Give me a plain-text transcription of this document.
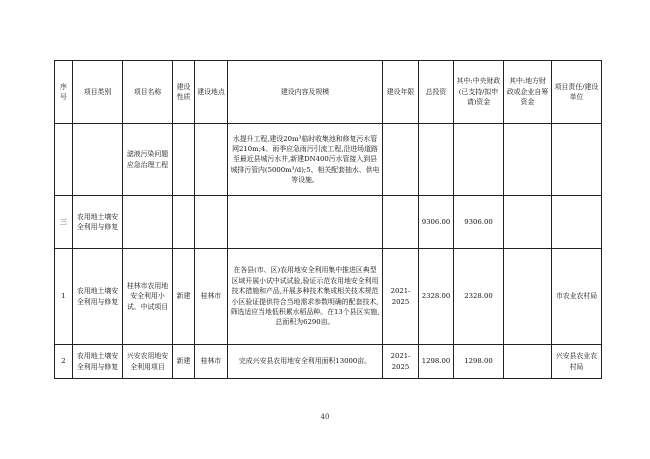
序号	项目类别	项目名称	建设性质	建设地点	建设内容及规模	建设年限	总投资	其中:中央财政(已支持/拟申请)资金	其中:地方财政或企业自筹资金	项目责任/建设单位
		滤液污染问题应急治理工程			水提升工程,建设20m³临时收集池和修复污水管网210m;4、雨季应急雨污引流工程,沿进场道路至最近县城污水井,新建DN400污水管接入到县城排污管内(5000m³/d);5、相关配套抽水、供电等设施。					
三	农用地土壤安全利用与修复						9306.00	9306.00		
1	农用地土壤安全利用与修复	桂林市农用地安全利用小试、中试项目	新建	桂林市	在各县(市、区)农用地安全利用集中推进区典型区域开展小试中试试验,验证示范农用地安全利用技术措施和产品,开展多种技术集成相关技术规范小区验证提供符合当地需求参数明确的配套技术,筛选适应当地低积累水稻品种。在13个县区实施,总面积为6290亩。	2021-2025	2328.00	2328.00		市农业农村局
2	农用地土壤安全利用与修复	兴安农用地安全利用项目	新建	桂林市	完成兴安县农用地安全利用面积13000亩。	2021-2025	1298.00	1298.00		兴安县农业农村局
40
